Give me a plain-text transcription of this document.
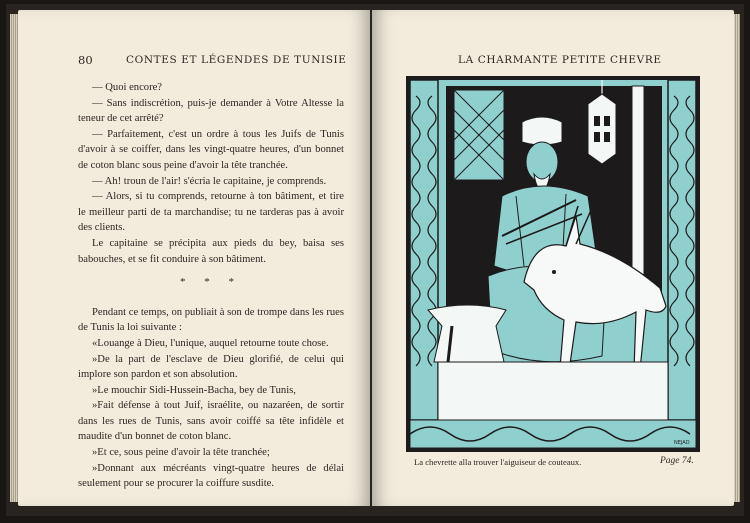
80	CONTES ET LÉGENDES DE TUNISIE

— Quoi encore?

— Sans indiscrétion, puis-je demander à Votre Altesse la teneur de cet arrêté?

— Parfaitement, c'est un ordre à tous les Juifs de Tunis d'avoir à se coiffer, dans les vingt-quatre heures, d'un bonnet de coton blanc sous peine d'avoir la tête tranchée.

— Ah! troun de l'air! s'écria le capitaine, je comprends.

— Alors, si tu comprends, retourne à ton bâtiment, et tire le meilleur parti de ta marchandise; tu ne tarderas pas à avoir des clients.

Le capitaine se précipita aux pieds du bey, baisa ses babouches, et se fit conduire à son bâtiment.

* * *

Pendant ce temps, on publiait à son de trompe dans les rues de Tunis la loi suivante :

«Louange à Dieu, l'unique, auquel retourne toute chose.

»De la part de l'esclave de Dieu glorifié, de celui qui implore son pardon et son absolution.

»Le mouchir Sidi-Hussein-Bacha, bey de Tunis,

»Fait défense à tout Juif, israélite, ou nazaréen, de sortir dans les rues de Tunis, sans avoir coiffé sa tête infidèle et maudite d'un bonnet de coton blanc.

»Et ce, sous peine d'avoir la tête tranchée;

»Donnant aux mécréants vingt-quatre heures de délai seulement pour se procurer la coiffure susdite.

LA CHARMANTE PETITE CHEVRE
NEJAD
La chevrette alla trouver l'aiguiseur de couteaux.	Page 74.
